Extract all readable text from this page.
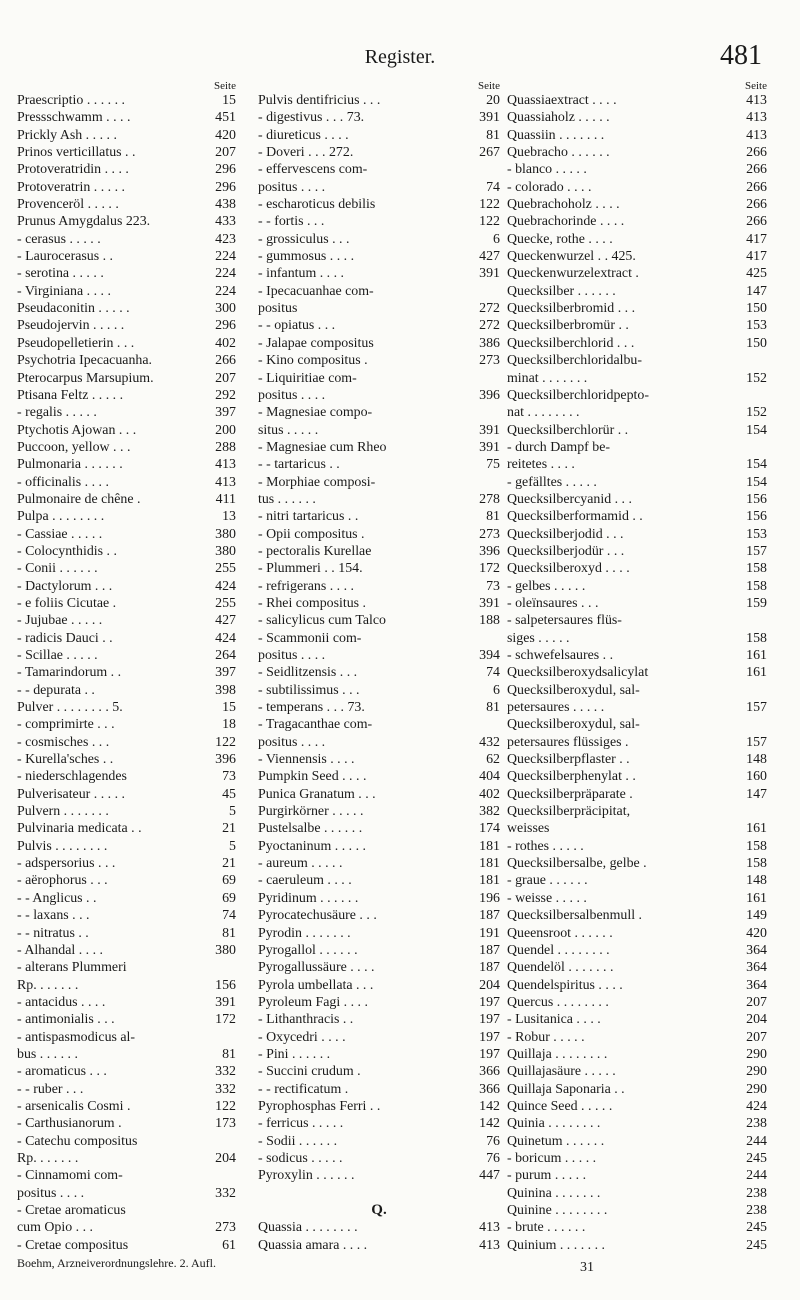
Register.	481
Seite
Praescriptio . . . . . .	15
Pressschwamm . . . .	451
Prickly Ash . . . . .	420
Prinos verticillatus . .	207
Protoveratridin . . . .	296
Protoveratrin . . . . .	296
Provenceröl . . . . .	438
Prunus Amygdalus 223.	433
- cerasus . . . . .	423
- Laurocerasus . .	224
- serotina . . . . .	224
- Virginiana . . . .	224
Pseudaconitin . . . . .	300
Pseudojervin . . . . .	296
Pseudopelletierin . . .	402
Psychotria Ipecacuanha.	266
Pterocarpus Marsupium.	207
Ptisana Feltz . . . . .	292
- regalis . . . . .	397
Ptychotis Ajowan . . .	200
Puccoon, yellow . . .	288
Pulmonaria . . . . . .	413
- officinalis . . . .	413
Pulmonaire de chêne .	411
Pulpa . . . . . . . .	13
- Cassiae . . . . .	380
- Colocynthidis . .	380
- Conii . . . . . .	255
- Dactylorum . . .	424
- e foliis Cicutae .	255
- Jujubae . . . . .	427
- radicis Dauci . .	424
- Scillae . . . . .	264
- Tamarindorum . .	397
- - depurata . .	398
Pulver . . . . . . . . 5.	15
- comprimirte . . .	18
- cosmisches . . .	122
- Kurella'sches . .	396
- niederschlagendes	73
Pulverisateur . . . . .	45
Pulvern . . . . . . .	5
Pulvinaria medicata . .	21
Pulvis . . . . . . . .	5
- adspersorius . . .	21
- aërophorus . . .	69
- - Anglicus . .	69
- - laxans . . .	74
- - nitratus . .	81
- Alhandal . . . .	380
- alterans Plummeri
Rp. . . . . . .	156
- antacidus . . . .	391
- antimonialis . . .	172
- antispasmodicus al-
bus . . . . . .	81
- aromaticus . . .	332
- - ruber . . .	332
- arsenicalis Cosmi .	122
- Carthusianorum .	173
- Catechu compositus
Rp. . . . . . .	204
- Cinnamomi com-
positus . . . .	332
- Cretae aromaticus
cum Opio . . .	273
- Cretae compositus	61
Seite
Pulvis dentifricius . . .	20
- digestivus . . . 73.	391
- diureticus . . . .	81
- Doveri . . . 272.	267
- effervescens com-
positus . . . .	74
- escharoticus debilis	122
- - fortis . . .	122
- grossiculus . . .	6
- gummosus . . . .	427
- infantum . . . .	391
- Ipecacuanhae com-
positus	272
- - opiatus . . .	272
- Jalapae compositus	386
- Kino compositus .	273
- Liquiritiae com-
positus . . . .	396
- Magnesiae compo-
situs . . . . .	391
- Magnesiae cum Rheo	391
- - tartaricus . .	75
- Morphiae composi-
tus . . . . . .	278
- nitri tartaricus . .	81
- Opii compositus .	273
- pectoralis Kurellae	396
- Plummeri . . 154.	172
- refrigerans . . . .	73
- Rhei compositus .	391
- salicylicus cum Talco	188
- Scammonii com-
positus . . . .	394
- Seidlitzensis . . .	74
- subtilissimus . . .	6
- temperans . . . 73.	81
- Tragacanthae com-
positus . . . .	432
- Viennensis . . . .	62
Pumpkin Seed . . . .	404
Punica Granatum . . .	402
Purgirkörner . . . . .	382
Pustelsalbe . . . . . .	174
Pyoctaninum . . . . .	181
- aureum . . . . .	181
- caeruleum . . . .	181
Pyridinum . . . . . .	196
Pyrocatechusäure . . .	187
Pyrodin . . . . . . .	191
Pyrogallol . . . . . .	187
Pyrogallussäure . . . .	187
Pyrola umbellata . . .	204
Pyroleum Fagi . . . .	197
- Lithanthracis . .	197
- Oxycedri . . . .	197
- Pini . . . . . .	197
- Succini crudum .	366
- - rectificatum .	366
Pyrophosphas Ferri . .	142
- ferricus . . . . .	142
- Sodii . . . . . .	76
- sodicus . . . . .	76
Pyroxylin . . . . . .	447
Q.
Quassia . . . . . . . .	413
Quassia amara . . . .	413
Seite
Quassiaextract . . . .	413
Quassiaholz . . . . .	413
Quassiin . . . . . . .	413
Quebracho . . . . . .	266
- blanco . . . . .	266
- colorado . . . .	266
Quebrachoholz . . . .	266
Quebrachorinde . . . .	266
Quecke, rothe . . . .	417
Queckenwurzel . . 425.	417
Queckenwurzelextract .	425
Quecksilber . . . . . .	147
Quecksilberbromid . . .	150
Quecksilberbromür . .	153
Quecksilberchlorid . . .	150
Quecksilberchloridalbu-
minat . . . . . . .	152
Quecksilberchloridpepto-
nat . . . . . . . .	152
Quecksilberchlorür . .	154
- durch Dampf be-
reitetes . . . .	154
- gefälltes . . . . .	154
Quecksilbercyanid . . .	156
Quecksilberformamid . .	156
Quecksilberjodid . . .	153
Quecksilberjodür . . .	157
Quecksilberoxyd . . . .	158
- gelbes . . . . .	158
- oleïnsaures . . .	159
- salpetersaures flüs-
siges . . . . .	158
- schwefelsaures . .	161
Quecksilberoxydsalicylat	161
Quecksilberoxydul, sal-
petersaures . . . . .	157
Quecksilberoxydul, sal-
petersaures flüssiges .	157
Quecksilberpflaster . .	148
Quecksilberphenylat . .	160
Quecksilberpräparate .	147
Quecksilberpräcipitat,
weisses	161
- rothes . . . . .	158
Quecksilbersalbe, gelbe .	158
- graue . . . . . .	148
- weisse . . . . .	161
Quecksilbersalbenmull .	149
Queensroot . . . . . .	420
Quendel . . . . . . . .	364
Quendelöl . . . . . . .	364
Quendelspiritus . . . .	364
Quercus . . . . . . . .	207
- Lusitanica . . . .	204
- Robur . . . . .	207
Quillaja . . . . . . . .	290
Quillajasäure . . . . .	290
Quillaja Saponaria . .	290
Quince Seed . . . . .	424
Quinia . . . . . . . .	238
Quinetum . . . . . .	244
- boricum . . . . .	245
- purum . . . . .	244
Quinina . . . . . . .	238
Quinine . . . . . . . .	238
- brute . . . . . .	245
Quinium . . . . . . .	245
Boehm, Arzneiverordnungslehre. 2. Aufl.	31
